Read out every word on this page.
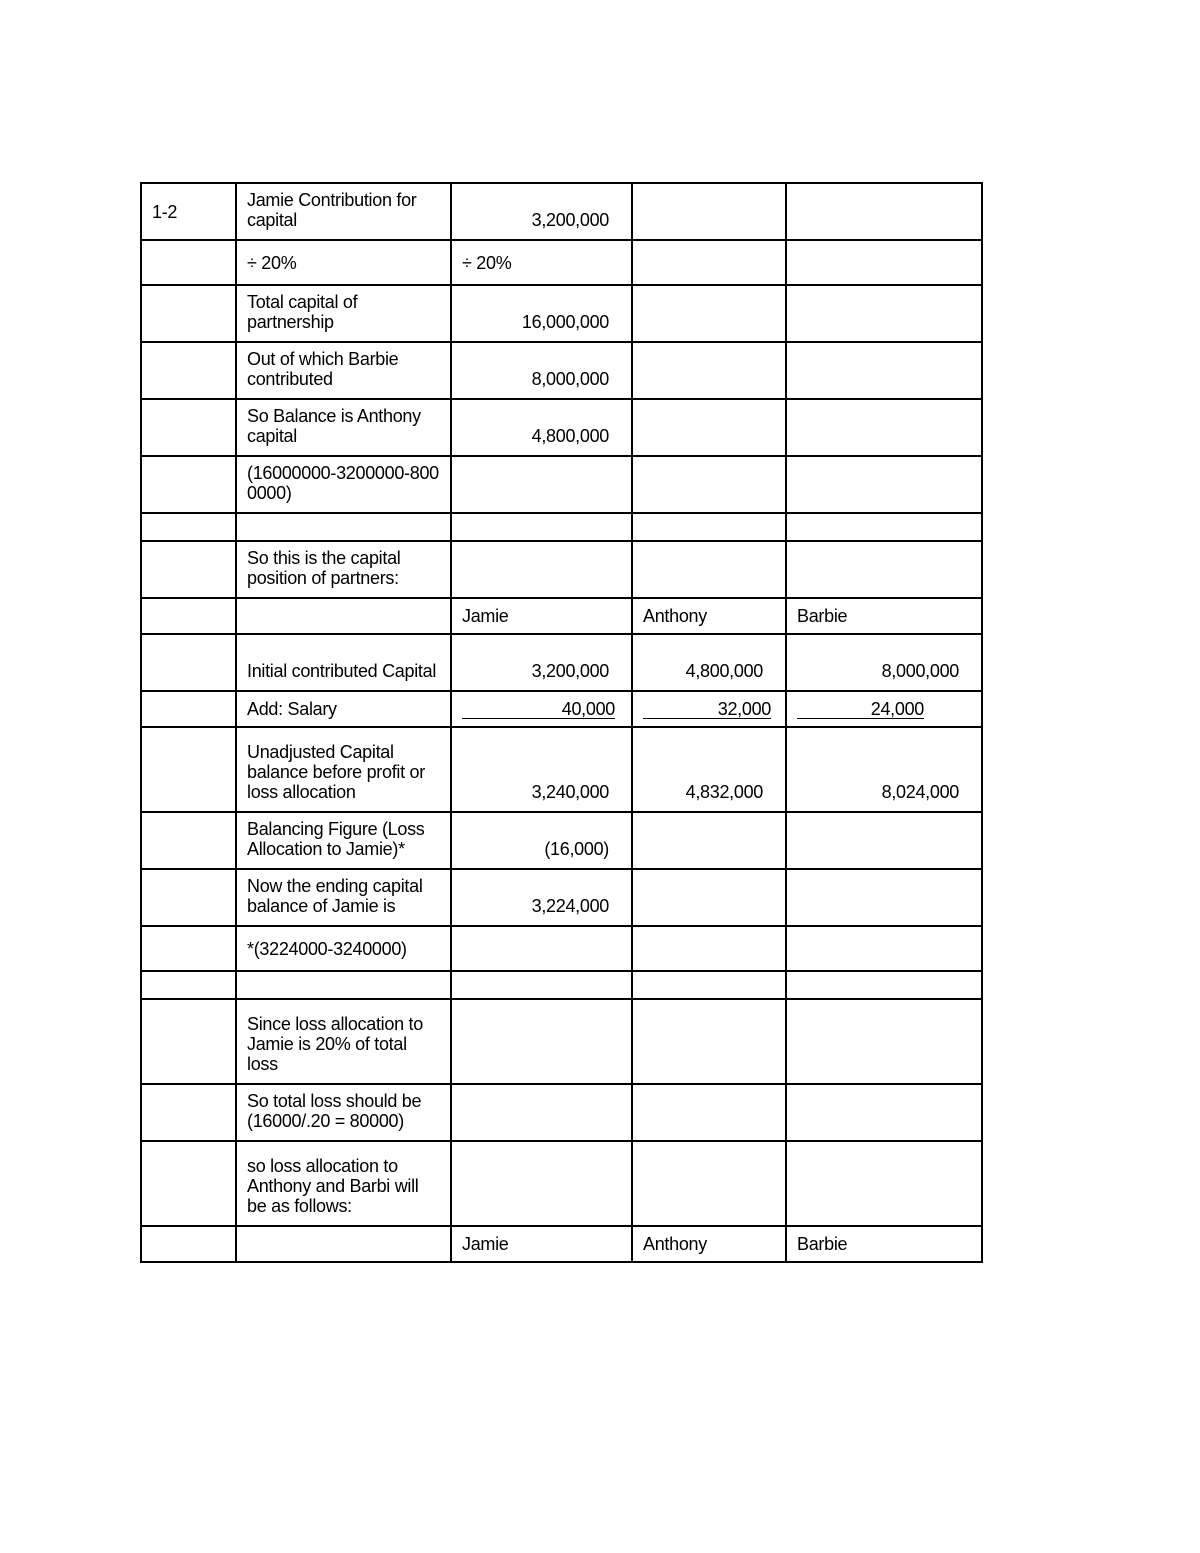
1-2	Jamie Contribution for capital	3,200,000		
	÷ 20%	÷ 20%		
	Total capital of partnership	16,000,000		
	Out of which Barbie contributed	8,000,000		
	So Balance is Anthony capital	4,800,000		
	(16000000-3200000-8000000)			

	So this is the capital position of partners:			
		Jamie	Anthony	Barbie
	Initial contributed Capital	3,200,000	4,800,000	8,000,000
	Add: Salary	40,000	32,000	24,000
	Unadjusted Capital balance before profit or loss allocation	3,240,000	4,832,000	8,024,000
	Balancing Figure (Loss Allocation to Jamie)*	(16,000)		
	Now the ending capital balance of Jamie is	3,224,000		
	*(3224000-3240000)			

	Since loss allocation to Jamie is 20% of total loss			
	So total loss should be (16000/.20 = 80000)			
	so loss allocation to Anthony and Barbi will be as follows:			
		Jamie	Anthony	Barbie
